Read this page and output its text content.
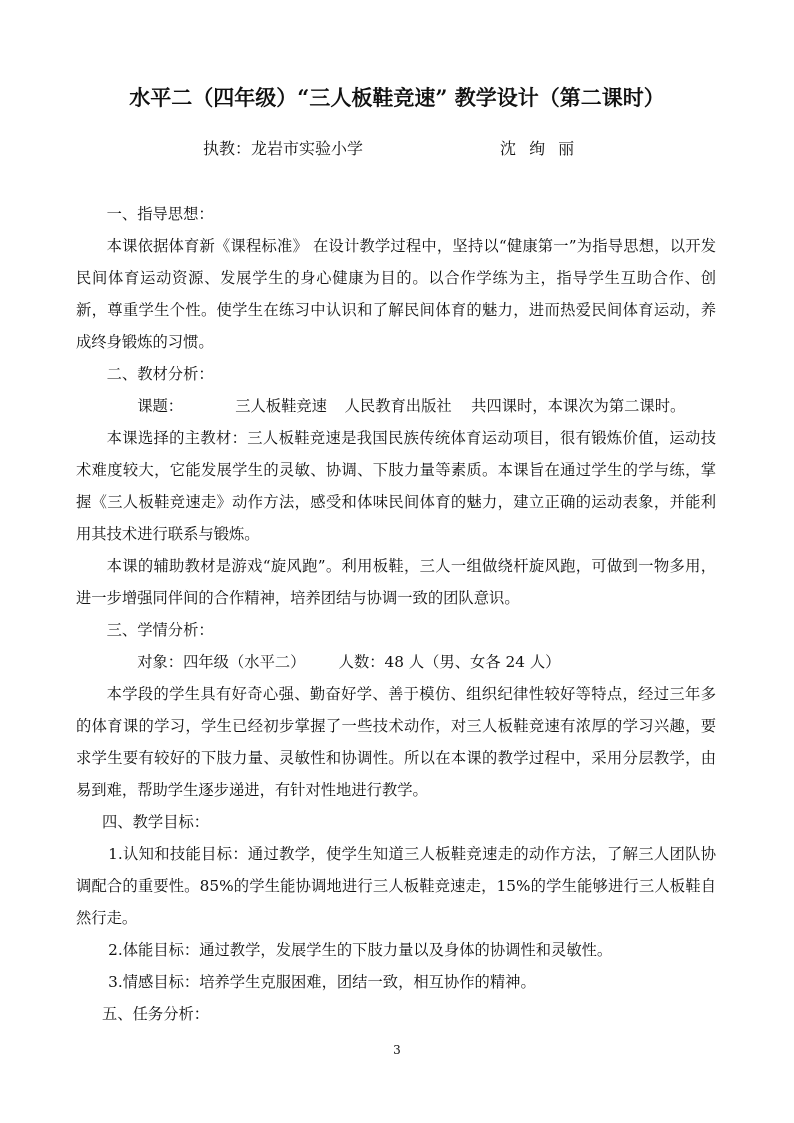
水平二（四年级）“三人板鞋竞速” 教学设计（第二课时）
执教：龙岩市实验小学	沈 绚 丽

一、指导思想：

本课依据体育新《课程标准》 在设计教学过程中，坚持以“健康第一”为指导思想，以开发民间体育运动资源、发展学生的身心健康为目的。以合作学练为主，指导学生互助合作、创新，尊重学生个性。使学生在练习中认识和了解民间体育的魅力，进而热爱民间体育运动，养成终身锻炼的习惯。

二、教材分析：

课题：	三人板鞋竞速 人民教育出版社 共四课时，本课次为第二课时。

本课选择的主教材：三人板鞋竞速是我国民族传统体育运动项目，很有锻炼价值，运动技术难度较大，它能发展学生的灵敏、协调、下肢力量等素质。本课旨在通过学生的学与练，掌握《三人板鞋竞速走》动作方法，感受和体味民间体育的魅力，建立正确的运动表象，并能利用其技术进行联系与锻炼。

本课的辅助教材是游戏“旋风跑”。利用板鞋，三人一组做绕杆旋风跑，可做到一物多用，进一步增强同伴间的合作精神，培养团结与协调一致的团队意识。

三、学情分析：

对象：四年级（水平二） 人数：48 人（男、女各 24 人）

本学段的学生具有好奇心强、勤奋好学、善于模仿、组织纪律性较好等特点，经过三年多的体育课的学习，学生已经初步掌握了一些技术动作，对三人板鞋竞速有浓厚的学习兴趣，要求学生要有较好的下肢力量、灵敏性和协调性。所以在本课的教学过程中，采用分层教学，由易到难，帮助学生逐步递进，有针对性地进行教学。

四、教学目标：

1.认知和技能目标：通过教学，使学生知道三人板鞋竞速走的动作方法，了解三人团队协调配合的重要性。85%的学生能协调地进行三人板鞋竞速走，15%的学生能够进行三人板鞋自然行走。

2.体能目标：通过教学，发展学生的下肢力量以及身体的协调性和灵敏性。

3.情感目标：培养学生克服困难，团结一致，相互协作的精神。

五、任务分析：

3
